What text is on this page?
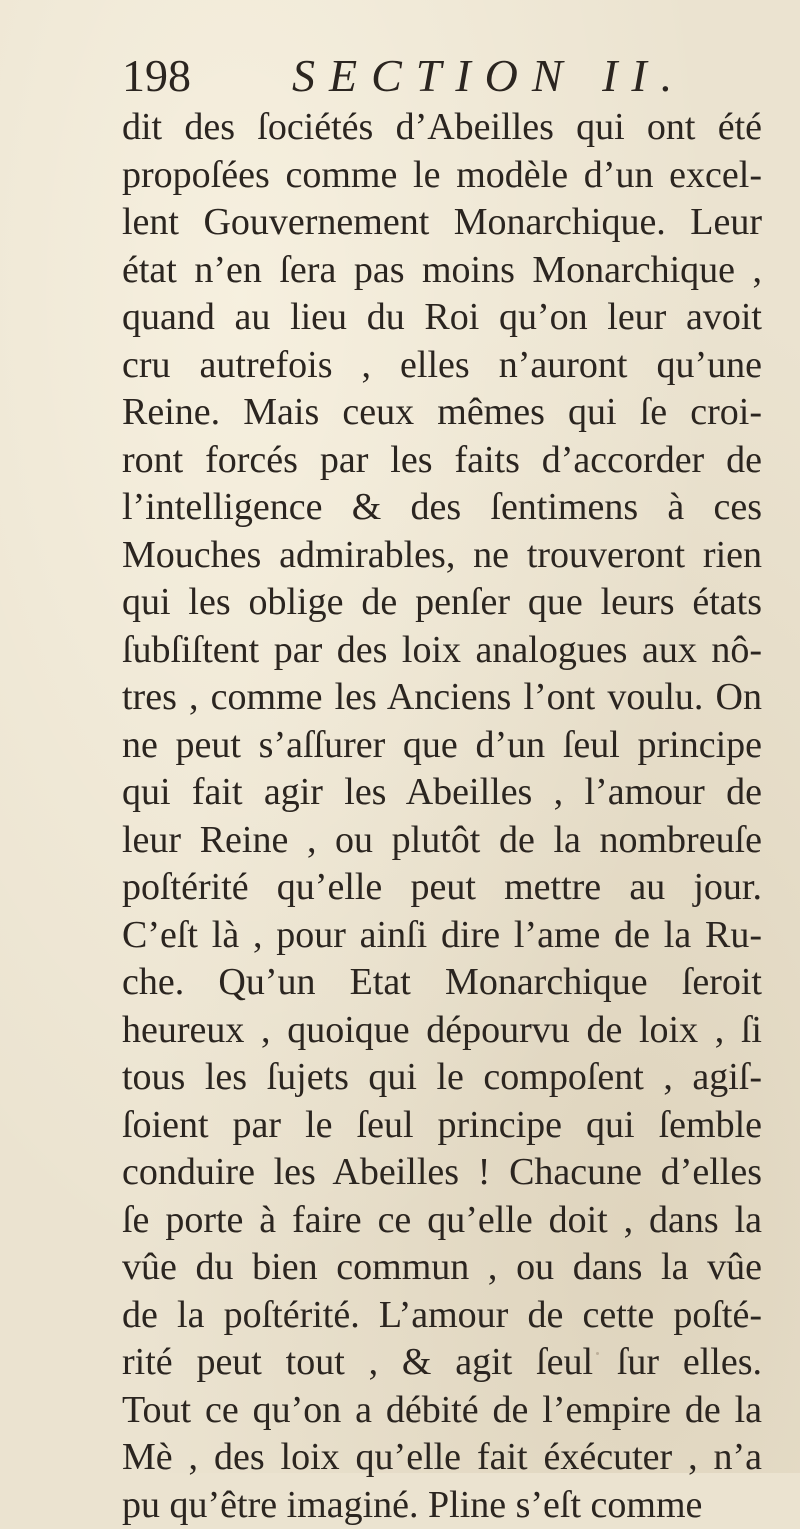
198 SECTION II.
dit des ſociétés d’Abeilles qui ont été
propoſées comme le modèle d’un excel-
lent Gouvernement Monarchique. Leur
état n’en ſera pas moins Monarchique ,
quand au lieu du Roi qu’on leur avoit
cru autrefois , elles n’auront qu’une
Reine. Mais ceux mêmes qui ſe croi-
ront forcés par les faits d’accorder de
l’intelligence & des ſentimens à ces
Mouches admirables, ne trouveront rien
qui les oblige de penſer que leurs états
ſubſiſtent par des loix analogues aux nô-
tres , comme les Anciens l’ont voulu. On
ne peut s’aſſurer que d’un ſeul principe
qui fait agir les Abeilles , l’amour de
leur Reine , ou plutôt de la nombreuſe
poſtérité qu’elle peut mettre au jour.
C’eſt là , pour ainſi dire l’ame de la Ru-
che. Qu’un Etat Monarchique ſeroit
heureux , quoique dépourvu de loix , ſi
tous les ſujets qui le compoſent , agiſ-
ſoient par le ſeul principe qui ſemble
conduire les Abeilles ! Chacune d’elles
ſe porte à faire ce qu’elle doit , dans la
vûe du bien commun , ou dans la vûe
de la poſtérité. L’amour de cette poſté-
rité peut tout , & agit ſeul ſur elles.
Tout ce qu’on a débité de l’empire de la
Mè , des loix qu’elle fait éxécuter , n’a
pu qu’être imaginé. Pline s’eſt comme
